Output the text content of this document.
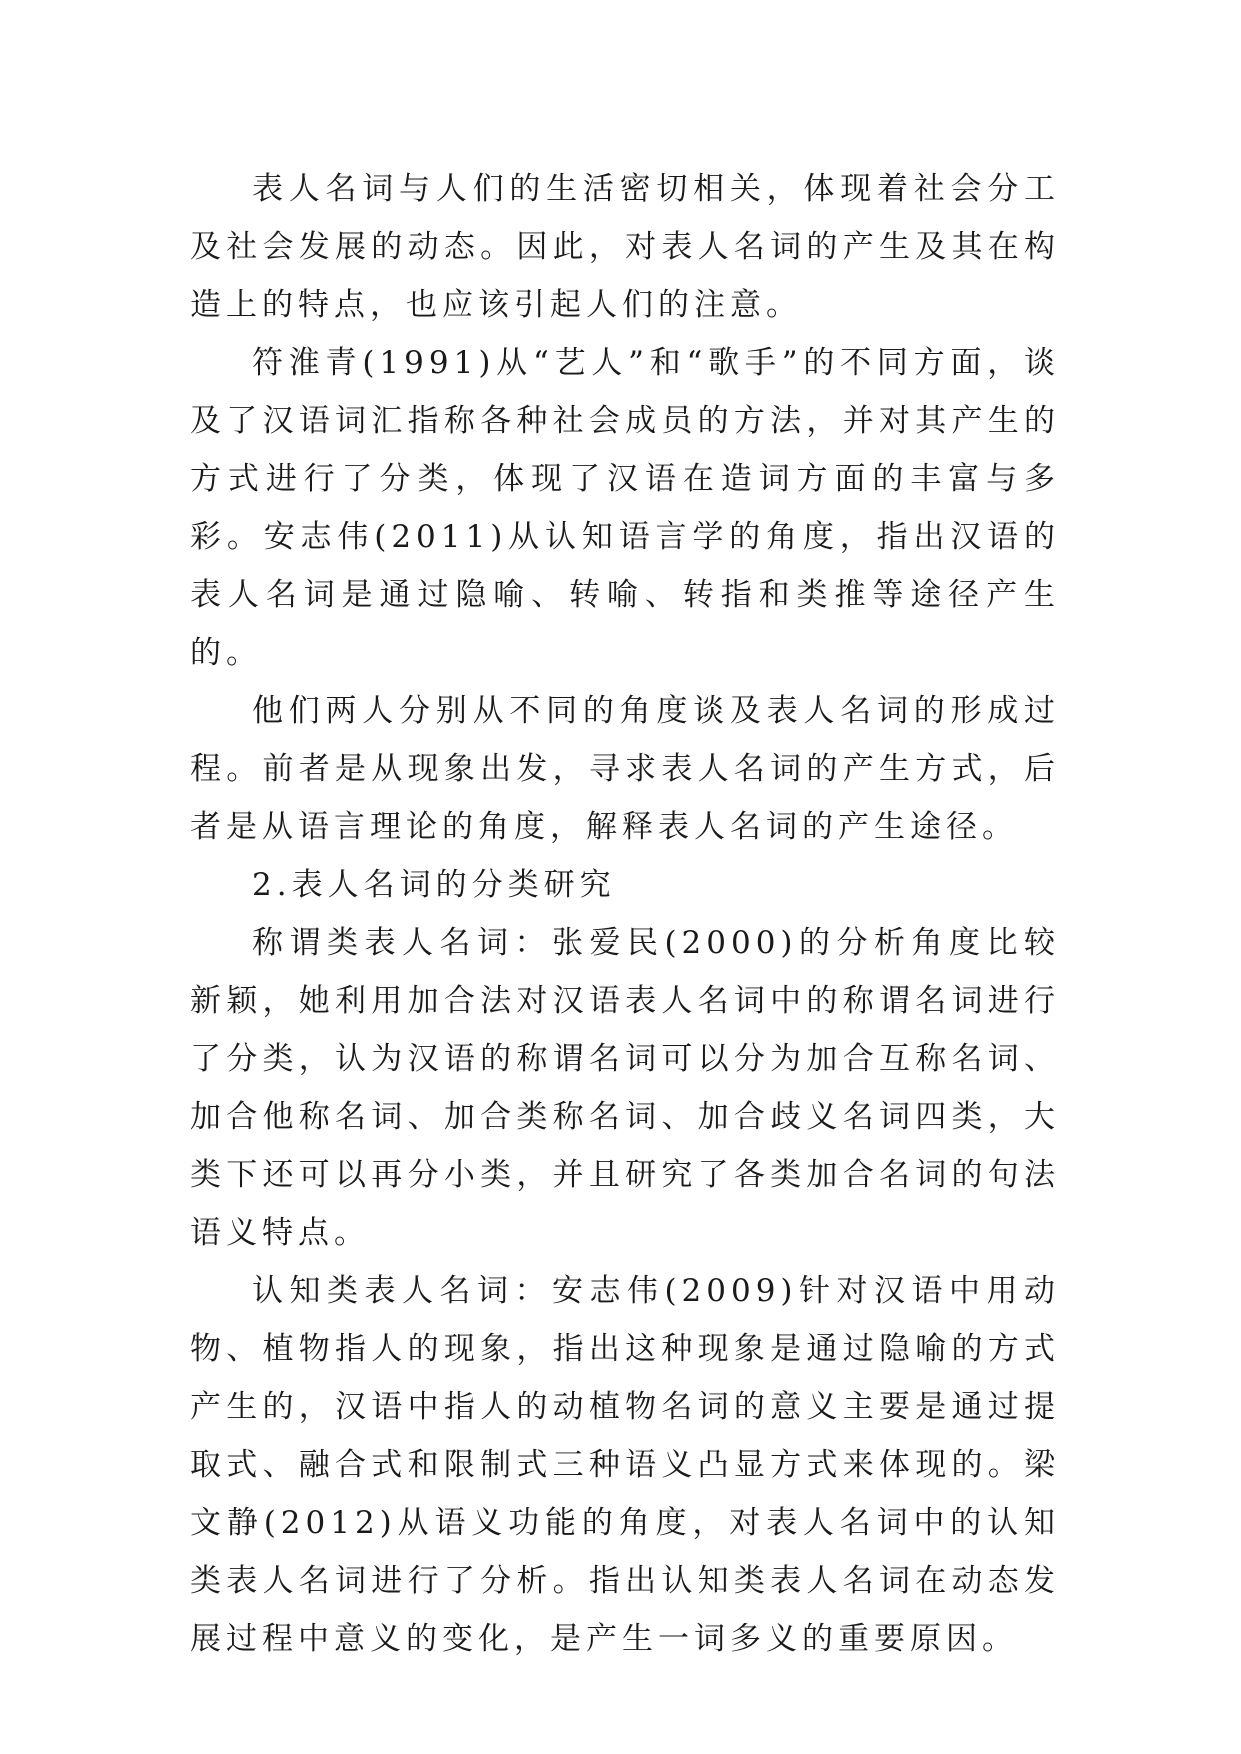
表人名词与人们的生活密切相关，体现着社会分工及社会发展的动态。因此，对表人名词的产生及其在构造上的特点，也应该引起人们的注意。

符淮青(1991)从“艺人”和“歌手”的不同方面，谈及了汉语词汇指称各种社会成员的方法，并对其产生的方式进行了分类，体现了汉语在造词方面的丰富与多彩。安志伟(2011)从认知语言学的角度，指出汉语的表人名词是通过隐喻、转喻、转指和类推等途径产生的。

他们两人分别从不同的角度谈及表人名词的形成过程。前者是从现象出发，寻求表人名词的产生方式，后者是从语言理论的角度，解释表人名词的产生途径。

2.表人名词的分类研究

称谓类表人名词：张爱民(2000)的分析角度比较新颖，她利用加合法对汉语表人名词中的称谓名词进行了分类，认为汉语的称谓名词可以分为加合互称名词、加合他称名词、加合类称名词、加合歧义名词四类，大类下还可以再分小类，并且研究了各类加合名词的句法语义特点。

认知类表人名词：安志伟(2009)针对汉语中用动物、植物指人的现象，指出这种现象是通过隐喻的方式产生的，汉语中指人的动植物名词的意义主要是通过提取式、融合式和限制式三种语义凸显方式来体现的。梁文静(2012)从语义功能的角度，对表人名词中的认知类表人名词进行了分析。指出认知类表人名词在动态发展过程中意义的变化，是产生一词多义的重要原因。
